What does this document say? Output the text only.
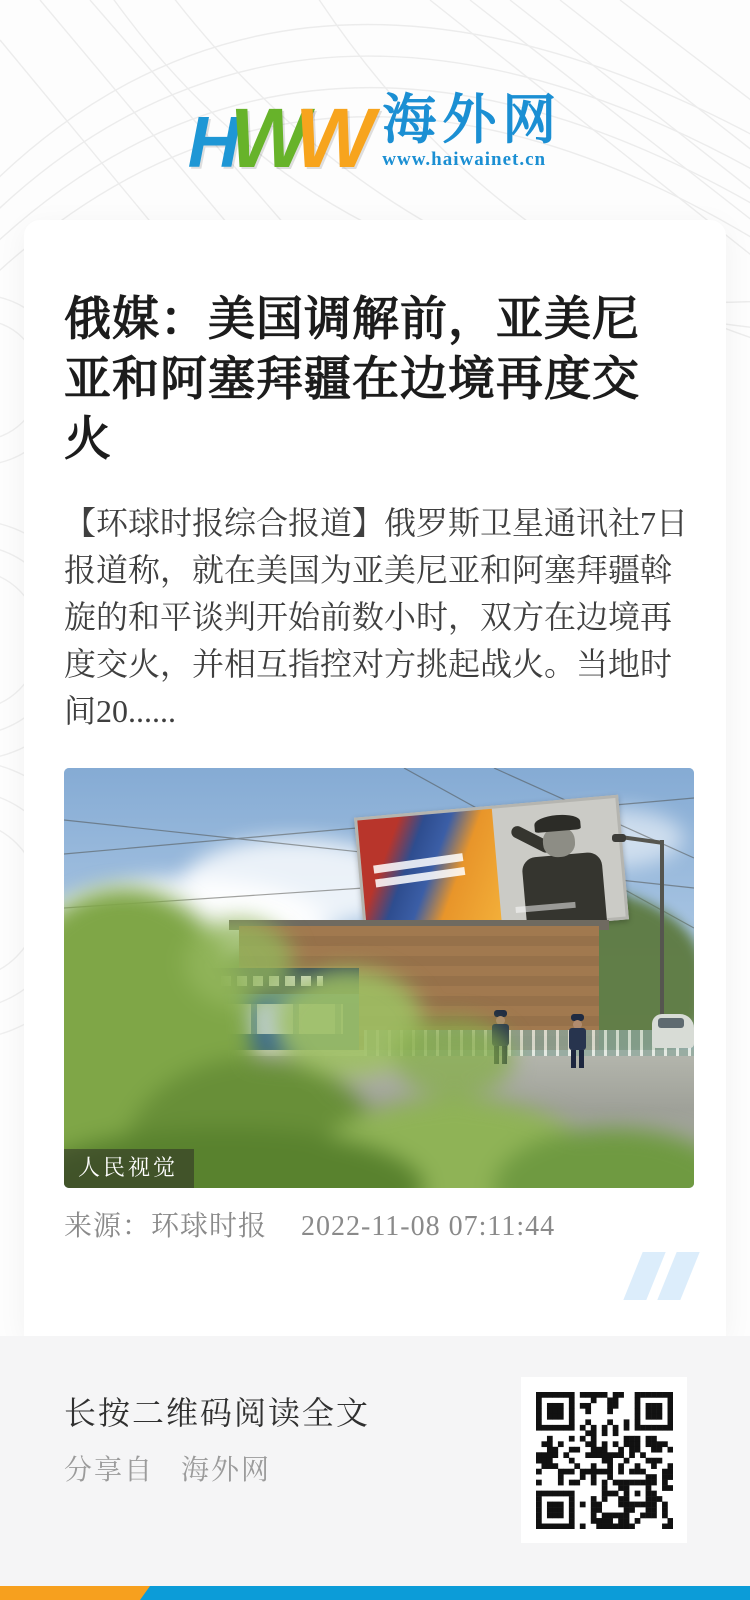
H
W
W 海外网
www.haiwainet.cn
俄媒：美国调解前，亚美尼亚和阿塞拜疆在边境再度交火

【环球时报综合报道】俄罗斯卫星通讯社7日报道称，就在美国为亚美尼亚和阿塞拜疆斡旋的和平谈判开始前数小时，双方在边境再度交火，并相互指控对方挑起战火。当地时间20......

人民视觉
来源：环球时报 2022-11-08 07:11:44
长按二维码阅读全文
分享自 海外网
